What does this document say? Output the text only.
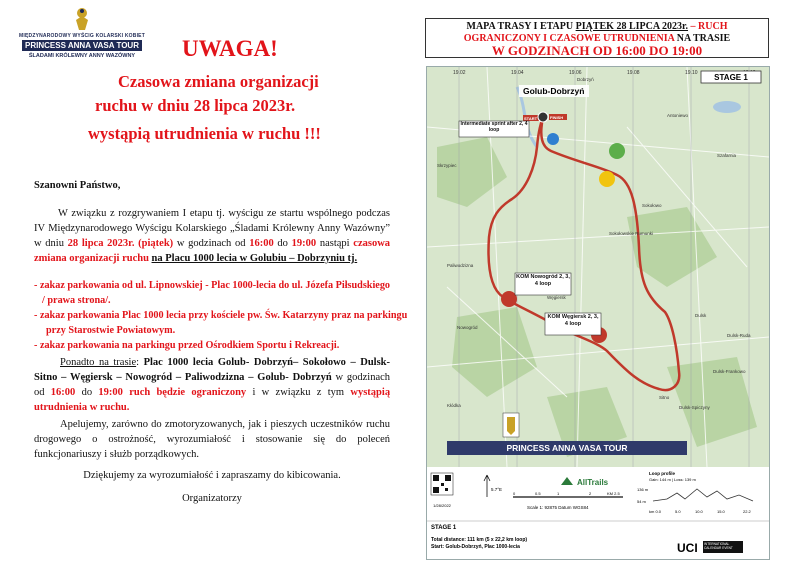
MIĘDZYNARODOWY WYŚCIG KOLARSKI KOBIET
PRINCESS ANNA VASA TOUR
ŚLADAMI KRÓLEWNY ANNY WAZÓWNY	UWAGA!
Czasowa zmiana organizacji
ruchu w dniu 28 lipca 2023r.
wystąpią utrudnienia w ruchu !!!

Szanowni Państwo,

W związku z rozgrywaniem I etapu tj. wyścigu ze startu wspólnego podczas IV Międzynarodowego Wyścigu Kolarskiego „Śladami Królewny Anny Wazówny” w dniu 28 lipca 2023r. (piątek) w godzinach od 16:00 do 19:00 nastąpi czasowa zmiana organizacji ruchu na Placu 1000 lecia w Golubiu – Dobrzyniu tj.

- zakaz parkowania od ul. Lipnowskiej - Plac 1000-lecia do ul. Józefa Piłsudskiego
/ prawa strona/.
- zakaz parkowania Plac 1000 lecia przy kościele pw. Św. Katarzyny praz na parkingu
przy Starostwie Powiatowym.
- zakaz parkowania na parkingu przed Ośrodkiem Sportu i Rekreacji.

Ponadto na trasie: Plac 1000 lecia Golub- Dobrzyń– Sokołowo – Dulsk- Sitno – Węgiersk – Nowogród – Paliwodzizna – Golub- Dobrzyń w godzinach od 16:00 do 19:00 ruch będzie ograniczony i w związku z tym wystąpią utrudnienia w ruchu.

Apelujemy, zarówno do zmotoryzowanych, jak i pieszych uczestników ruchu drogowego o ostrożność, wyrozumiałość i stosowanie się do poleceń funkcjonariuszy i służb porządkowych.

Dziękujemy za wyrozumiałość i zapraszamy do kibicowania.
Organizatorzy
MAPA TRASY I ETAPU PIĄTEK 28 LIPCA 2023r. – RUCH
OGRANICZONY I CZASOWE UTRUDNIENIA NA TRASIE
W GODZINACH OD 16:00 DO 19:00
19.02	19.04	19.06	19.08	19.10 STAGE 1
Golub-Dobrzyń
START	FINISH
Intermediate sprint after 2, 4 loop
KOM Nowogród 2, 3, 4 loop
KOM Węgiersk 2, 3, 4 loop
Sokołowo
Szafarnia
Paliwodzizna
Nowogród
Węgiersk
Sitno
Dulsk
Sokołowskie Rumunki
Dulsk-Ruda
Dulsk-Frankowo
Dulsk-Spiczyny
Skrzypiec
Antoniewo
Dobrzyń
Kłódka
PRINCESS ANNA VASA TOUR
1/28/2022
5.7°E
AllTrails
0	0.5	1	2	KM 2.5
Scale 1: 92875 Datum WGS84
Loop profile
Gain: 144 m | Loss: 139 m
136 m
54 m
km 0.0	5.0	10.0	15.0	22.2
STAGE 1
Total distance: 111 km (5 x 22,2 km loop)
Start: Golub-Dobrzyń, Plac 1000-lecia	UCI INTERNATIONAL CALENDAR EVENT
